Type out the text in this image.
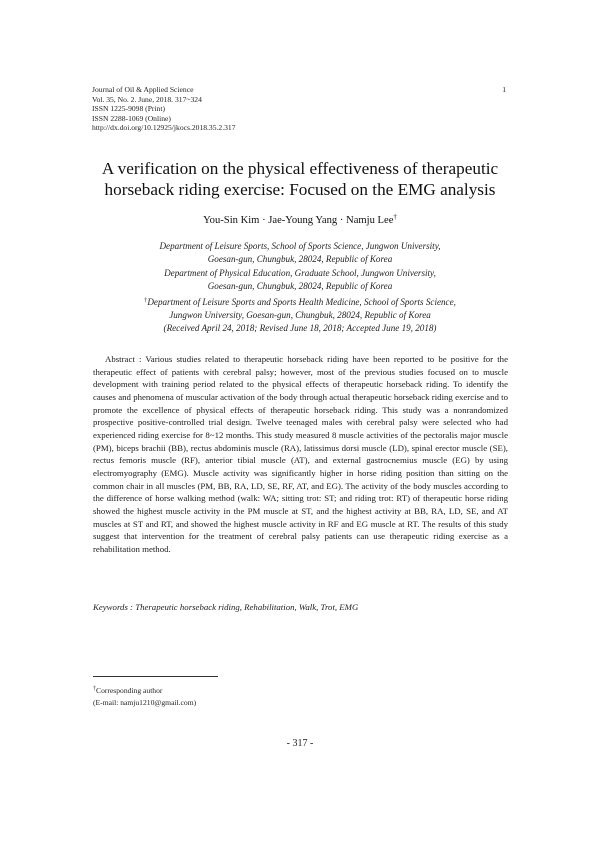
Journal of Oil & Applied Science
Vol. 35, No. 2. June, 2018. 317~324
ISSN 1225-9098 (Print)
ISSN 2288-1069 (Online)
http://dx.doi.org/10.12925/jkocs.2018.35.2.317
1
A verification on the physical effectiveness of therapeutic
horseback riding exercise: Focused on the EMG analysis
You-Sin Kim · Jae-Young Yang · Namju Lee†
Department of Leisure Sports, School of Sports Science, Jungwon University,
Goesan-gun, Chungbuk, 28024, Republic of Korea
Department of Physical Education, Graduate School, Jungwon University,
Goesan-gun, Chungbuk, 28024, Republic of Korea
†Department of Leisure Sports and Sports Health Medicine, School of Sports Science,
Jungwon University, Goesan-gun, Chungbuk, 28024, Republic of Korea
(Received April 24, 2018; Revised June 18, 2018; Accepted June 19, 2018)

Abstract : Various studies related to therapeutic horseback riding have been reported to be positive for the therapeutic effect of patients with cerebral palsy; however, most of the previous studies focused on to muscle development with training period related to the physical effects of therapeutic horseback riding. To identify the causes and phenomena of muscular activation of the body through actual therapeutic horseback riding exercise and to promote the excellence of physical effects of therapeutic horseback riding. This study was a nonrandomized prospective positive-controlled trial design. Twelve teenaged males with cerebral palsy were selected who had experienced riding exercise for 8~12 months. This study measured 8 muscle activities of the pectoralis major muscle (PM), biceps brachii (BB), rectus abdominis muscle (RA), latissimus dorsi muscle (LD), spinal erector muscle (SE), rectus femoris muscle (RF), anterior tibial muscle (AT), and external gastrocnemius muscle (EG) by using electromyography (EMG). Muscle activity was significantly higher in horse riding position than sitting on the common chair in all muscles (PM, BB, RA, LD, SE, RF, AT, and EG). The activity of the body muscles according to the difference of horse walking method (walk: WA; sitting trot: ST; and riding trot: RT) of therapeutic horse riding showed the highest muscle activity in the PM muscle at ST, and the highest activity at BB, RA, LD, SE, and AT muscles at ST and RT, and showed the highest muscle activity in RF and EG muscle at RT. The results of this study suggest that intervention for the treatment of cerebral palsy patients can use therapeutic riding exercise as a rehabilitation method.

Keywords : Therapeutic horseback riding, Rehabilitation, Walk, Trot, EMG
†Corresponding author
(E-mail: namju1210@gmail.com)
- 317 -
